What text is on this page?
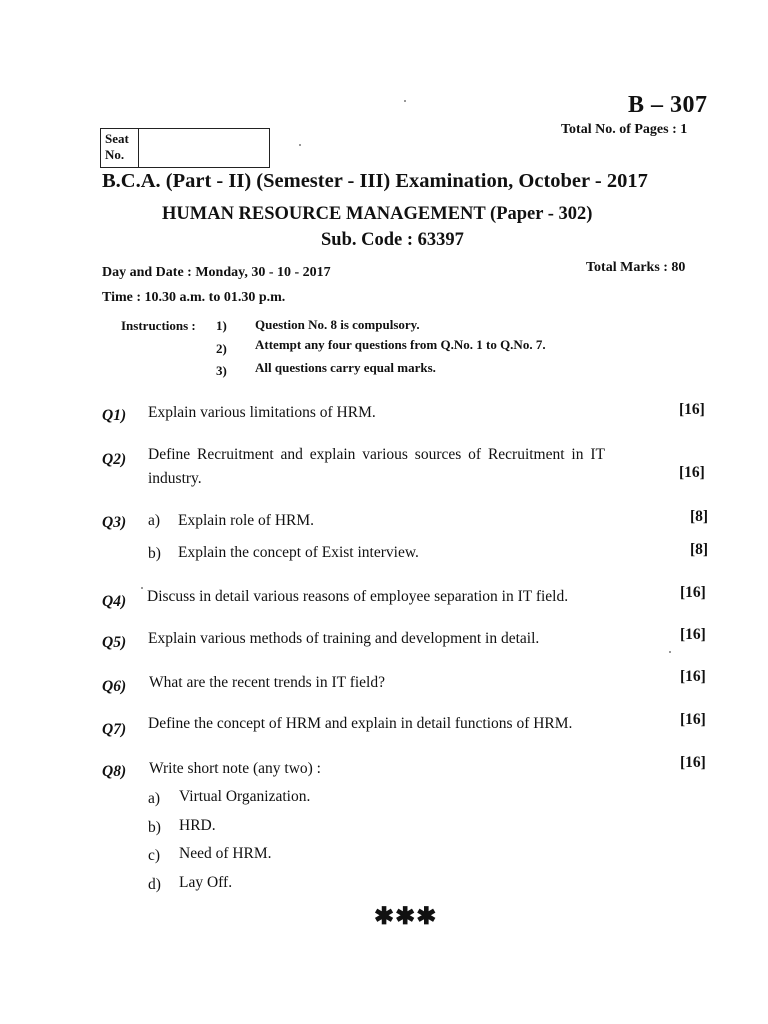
B – 307
Total No. of Pages : 1
Seat
No.
B.C.A. (Part - II) (Semester - III) Examination, October - 2017
HUMAN RESOURCE MANAGEMENT (Paper - 302)
Sub. Code : 63397
Day and Date : Monday, 30 - 10 - 2017	Total Marks : 80
Time : 10.30 a.m. to 01.30 p.m.
Instructions : 1)	Question No. 8 is compulsory.
2)	Attempt any four questions from Q.No. 1 to Q.No. 7.
3)	All questions carry equal marks.
Q1) Explain various limitations of HRM.	[16]
Q2) Define Recruitment and explain various sources of Recruitment in IT
industry.	[16]
Q3) a) Explain role of HRM.	[8]
b) Explain the concept of Exist interview.	[8]
Q4) Discuss in detail various reasons of employee separation in IT field.	[16]
Q5) Explain various methods of training and development in detail.	[16]
Q6) What are the recent trends in IT field?	[16]
Q7) Define the concept of HRM and explain in detail functions of HRM.	[16]
Q8) Write short note (any two) :	[16]
a) Virtual Organization.
b) HRD.
c) Need of HRM.
d) Lay Off.
✱✱✱
